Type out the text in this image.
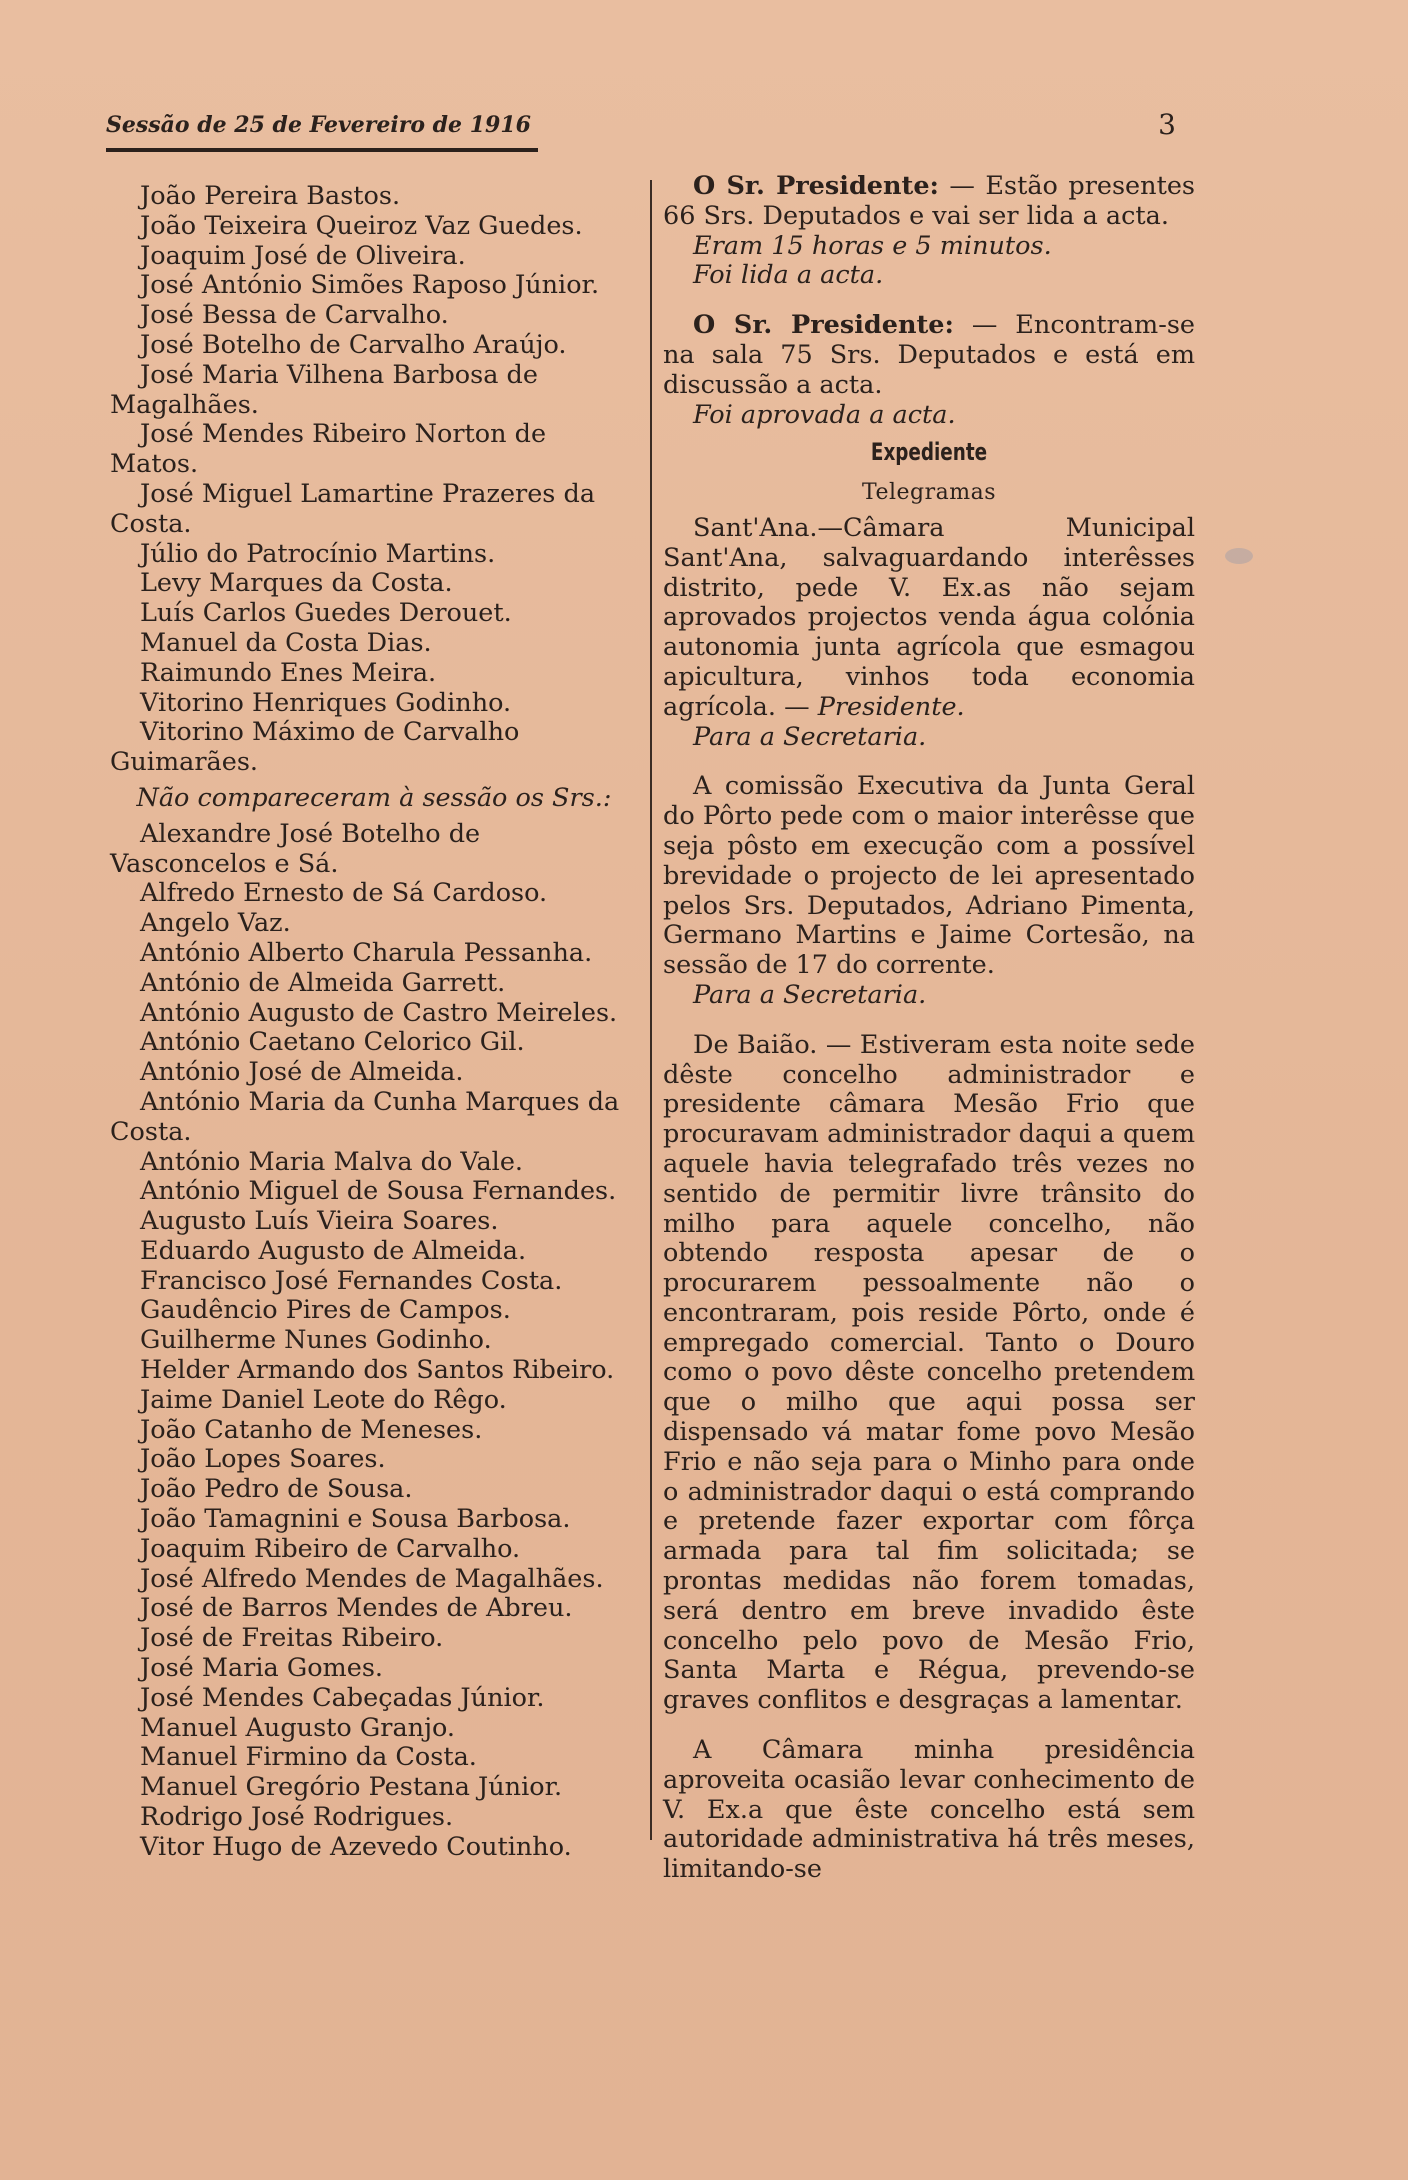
Sessão de 25 de Fevereiro de 1916	3
João Pereira Bastos.
João Teixeira Queiroz Vaz Guedes.
Joaquim José de Oliveira.
José António Simões Raposo Júnior.
José Bessa de Carvalho.
José Botelho de Carvalho Araújo.
José Maria Vilhena Barbosa de Magalhães.
José Mendes Ribeiro Norton de Matos.
José Miguel Lamartine Prazeres da Costa.
Júlio do Patrocínio Martins.
Levy Marques da Costa.
Luís Carlos Guedes Derouet.
Manuel da Costa Dias.
Raimundo Enes Meira.
Vitorino Henriques Godinho.
Vitorino Máximo de Carvalho Guimarães.
Não compareceram à sessão os Srs.:
Alexandre José Botelho de Vasconcelos e Sá.
Alfredo Ernesto de Sá Cardoso.
Angelo Vaz.
António Alberto Charula Pessanha.
António de Almeida Garrett.
António Augusto de Castro Meireles.
António Caetano Celorico Gil.
António José de Almeida.
António Maria da Cunha Marques da Costa.
António Maria Malva do Vale.
António Miguel de Sousa Fernandes.
Augusto Luís Vieira Soares.
Eduardo Augusto de Almeida.
Francisco José Fernandes Costa.
Gaudêncio Pires de Campos.
Guilherme Nunes Godinho.
Helder Armando dos Santos Ribeiro.
Jaime Daniel Leote do Rêgo.
João Catanho de Meneses.
João Lopes Soares.
João Pedro de Sousa.
João Tamagnini e Sousa Barbosa.
Joaquim Ribeiro de Carvalho.
José Alfredo Mendes de Magalhães.
José de Barros Mendes de Abreu.
José de Freitas Ribeiro.
José Maria Gomes.
José Mendes Cabeçadas Júnior.
Manuel Augusto Granjo.
Manuel Firmino da Costa.
Manuel Gregório Pestana Júnior.
Rodrigo José Rodrigues.
Vitor Hugo de Azevedo Coutinho.

O Sr. Presidente: — Estão presentes 66 Srs. Deputados e vai ser lida a acta.

Eram 15 horas e 5 minutos.
Foi lida a acta.

O Sr. Presidente: — Encontram-se na sala 75 Srs. Deputados e está em discussão a acta.

Foi aprovada a acta.
Expediente
Telegramas

Sant'Ana.—Câmara Municipal Sant'Ana, salvaguardando interêsses distrito, pede V. Ex.as não sejam aprovados projectos venda água colónia autonomia junta agrícola que esmagou apicultura, vinhos toda economia agrícola. — Presidente.

Para a Secretaria.

A comissão Executiva da Junta Geral do Pôrto pede com o maior interêsse que seja pôsto em execução com a possível brevidade o projecto de lei apresentado pelos Srs. Deputados, Adriano Pimenta, Germano Martins e Jaime Cortesão, na sessão de 17 do corrente.

Para a Secretaria.

De Baião. — Estiveram esta noite sede dêste concelho administrador e presidente câmara Mesão Frio que procuravam administrador daqui a quem aquele havia telegrafado três vezes no sentido de permitir livre trânsito do milho para aquele concelho, não obtendo resposta apesar de o procurarem pessoalmente não o encontraram, pois reside Pôrto, onde é empregado comercial. Tanto o Douro como o povo dêste concelho pretendem que o milho que aqui possa ser dispensado vá matar fome povo Mesão Frio e não seja para o Minho para onde o administrador daqui o está comprando e pretende fazer exportar com fôrça armada para tal fim solicitada; se prontas medidas não forem tomadas, será dentro em breve invadido êste concelho pelo povo de Mesão Frio, Santa Marta e Régua, prevendo-se graves conflitos e desgraças a lamentar.

A Câmara minha presidência aproveita ocasião levar conhecimento de V. Ex.a que êste concelho está sem autoridade administrativa há três meses, limitando-se
